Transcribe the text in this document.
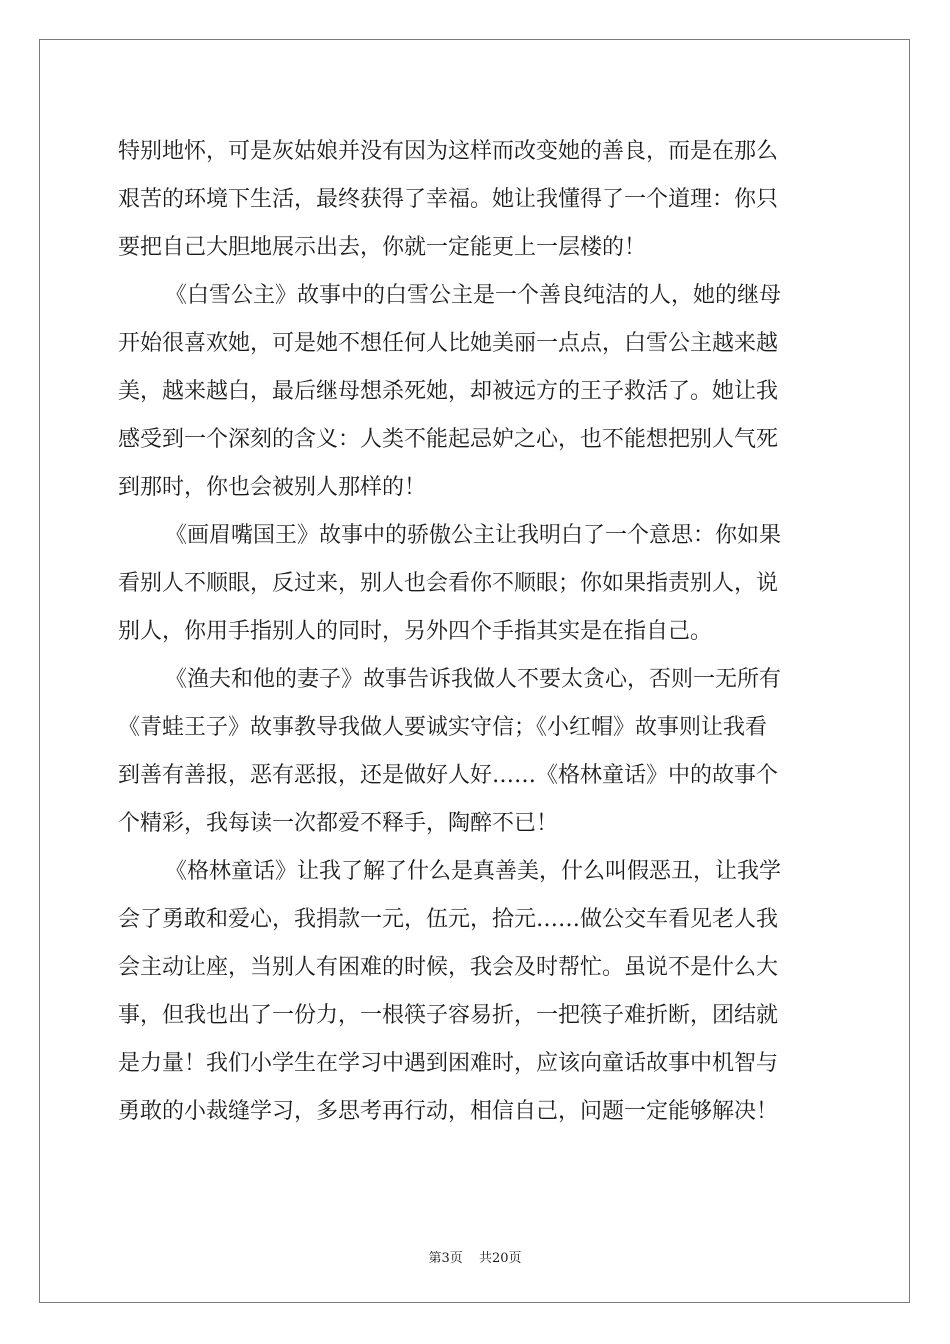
特别地怀，可是灰姑娘并没有因为这样而改变她的善良，而是在那么
艰苦的环境下生活，最终获得了幸福。她让我懂得了一个道理：你只
要把自己大胆地展示出去，你就一定能更上一层楼的！
《白雪公主》故事中的白雪公主是一个善良纯洁的人，她的继母
开始很喜欢她，可是她不想任何人比她美丽一点点，白雪公主越来越
美，越来越白，最后继母想杀死她，却被远方的王子救活了。她让我
感受到一个深刻的含义：人类不能起忌妒之心，也不能想把别人气死
到那时，你也会被别人那样的！
《画眉嘴国王》故事中的骄傲公主让我明白了一个意思：你如果
看别人不顺眼，反过来，别人也会看你不顺眼；你如果指责别人，说
别人，你用手指别人的同时，另外四个手指其实是在指自己。
《渔夫和他的妻子》故事告诉我做人不要太贪心，否则一无所有
《青蛙王子》故事教导我做人要诚实守信；《小红帽》故事则让我看
到善有善报，恶有恶报，还是做好人好……《格林童话》中的故事个
个精彩，我每读一次都爱不释手，陶醉不已！
《格林童话》让我了解了什么是真善美，什么叫假恶丑，让我学
会了勇敢和爱心，我捐款一元，伍元，拾元……做公交车看见老人我
会主动让座，当别人有困难的时候，我会及时帮忙。虽说不是什么大
事，但我也出了一份力，一根筷子容易折，一把筷子难折断，团结就
是力量！我们小学生在学习中遇到困难时，应该向童话故事中机智与
勇敢的小裁缝学习，多思考再行动，相信自己，问题一定能够解决！
第3页 共20页
